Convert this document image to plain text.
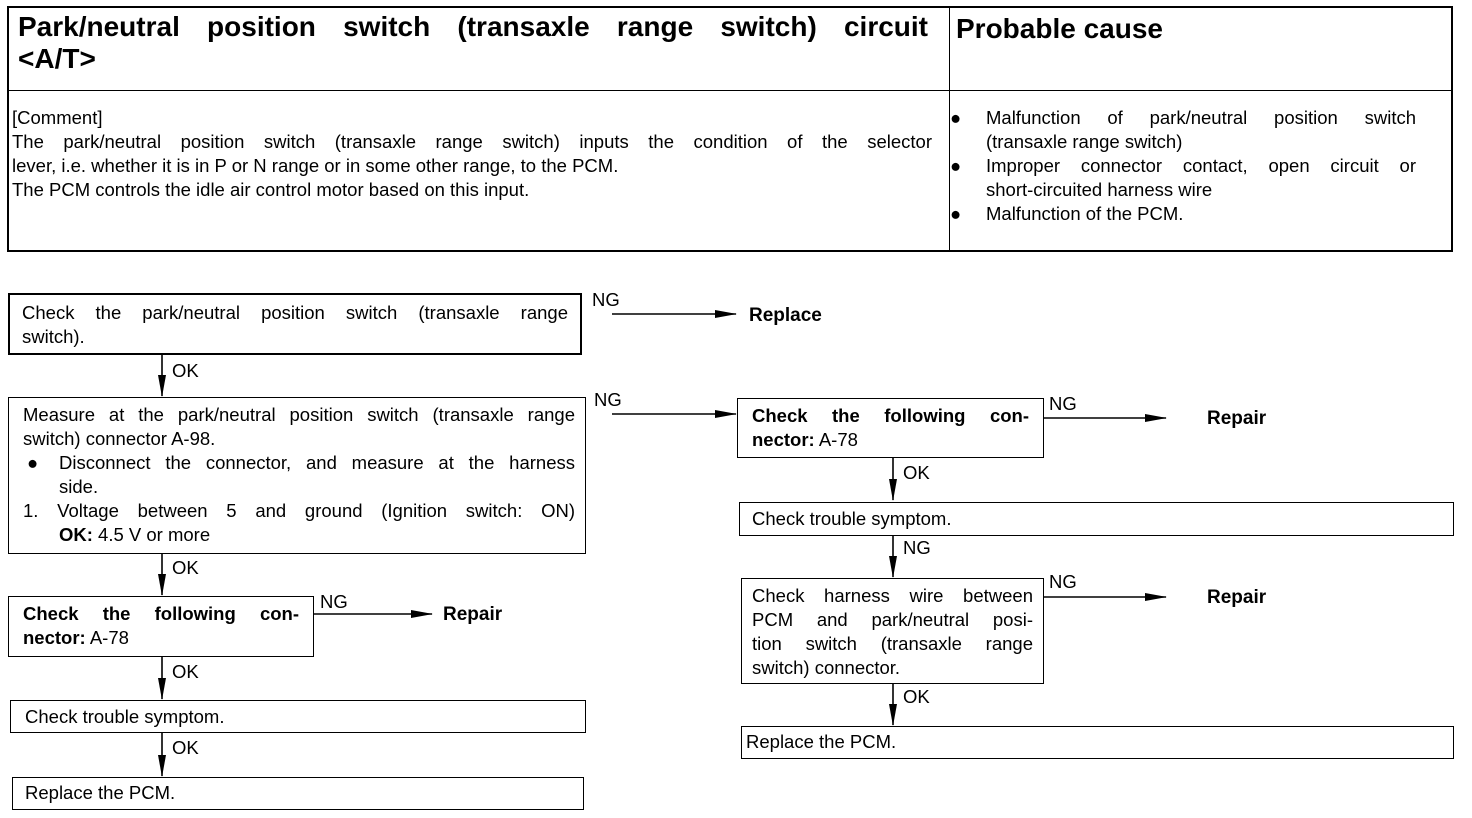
Park/neutral position switch (transaxle range switch) circuit
<A/T>
Probable cause
[Comment]
The park/neutral position switch (transaxle range switch) inputs the condition of the selector
lever, i.e. whether it is in P or N range or in some other range, to the PCM.
The PCM controls the idle air control motor based on this input.
● Malfunction of park/neutral position switch
(transaxle range switch)
● Improper connector contact, open circuit or
short-circuited harness wire
● Malfunction of the PCM.
Check the park/neutral position switch (transaxle range
switch).
Measure at the park/neutral position switch (transaxle range
switch) connector A-98.
● Disconnect the connector, and measure at the harness
side.
1. Voltage between 5 and ground (Ignition switch: ON)
OK: 4.5 V or more
Check the following con-
nector: A-78
Check trouble symptom.
Replace the PCM.
Check the following con-
nector: A-78
Check trouble symptom.
Check harness wire between
PCM and park/neutral posi-
tion switch (transaxle range
switch) connector.
Replace the PCM.
OK
OK
OK
OK
NG
NG
NG
NG
NG
OK
NG
OK
Replace
Repair
Repair
Repair
